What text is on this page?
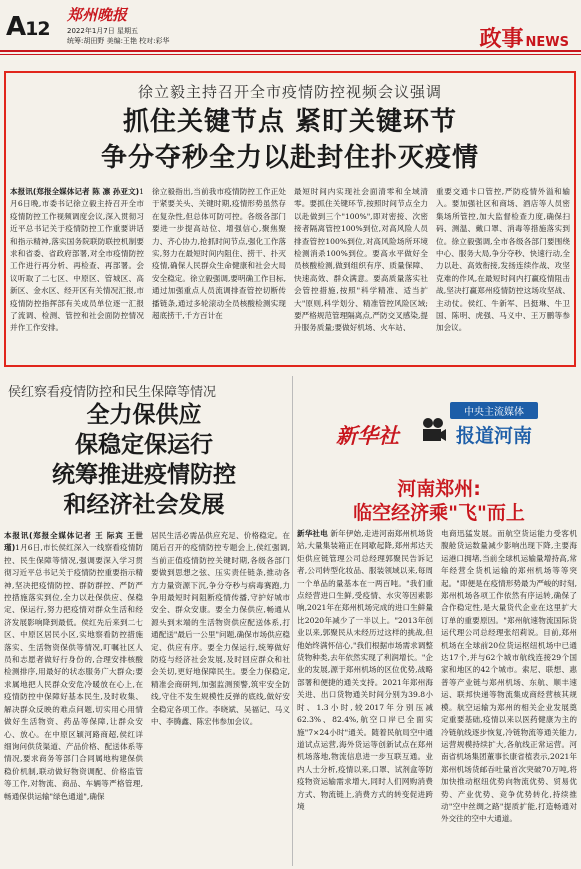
A12
郑州晚报
2022年1月7日 星期五
统筹:胡田野 美编:王艳 校对:彩华	政事 NEWS
徐立毅主持召开全市疫情防控视频会议强调
抓住关键节点 紧盯关键环节
争分夺秒全力以赴封住扑灭疫情
本报讯(郑报全媒体记者 陈 凛 孙亚文)1月6日晚,市委书记徐立毅主持召开全市疫情防控工作视频调度会议,深入贯彻习近平总书记关于疫情防控工作重要讲话和指示精神,落实国务院联防联控机制要求和省委、省政府部署,对全市疫情防控工作进行再分析、再检查、再部署。会议听取了二七区、中原区、管城区、高新区、金水区、经开区有关情况汇报,市疫情防控指挥部有关成员单位逐一汇报了流调、检测、管控和社会面防控情况并作工作安排。
徐立毅指出,当前我市疫情防控工作正处于紧要关头、关键时期,疫情形势虽然存在复杂性,但总体可防可控。各级各部门要进一步提高站位、增强信心,聚焦聚力、齐心协力,抢抓时间节点,强化工作落实,努力在最短时间内阻住、捞干、扑灭疫情,确保人民群众生命健康和社会大局安全稳定。徐立毅强调,要明确工作目标,通过加强重点人员流调排查管控切断传播链条,通过多轮滚动全员核酸检测实现超底捞干,千方百计在
最短时间内实现社会面清零和全域清零。要抓住关键环节,按照时间节点全力以赴做到三个"100%",即对密接、次密接者隔离管控100%到位,对高风险人员排查管控100%到位,对高风险场所环境检测消杀100%到位。要高水平做好全员核酸检测,做到组织有序、质量保障、快速高效、群众满意。要高质量落实社会管控措施,按照"科学精准、适当扩大"原则,科学划分、精准管控风险区域;要严格规范管理隔离点,严防交叉感染,提升服务质量;要做好机场、火车站、
重要交通卡口管控,严防疫情外溢和输入。要加强社区和商场、酒店等人员密集场所管控,加大监督检查力度,确保扫码、测温、戴口罩、消毒等措施落实到位。徐立毅强调,全市各级各部门要围绕中心、服务大局,争分夺秒、快速行动,全力以赴、高效衔接,发扬连续作战、攻坚克难的作风,在最短时间内打赢疫情阻击战,坚决打赢郑州疫情防控这场攻坚战、主动仗。侯红、牛新军、吕挺琳、牛卫国、陈明、虎强、马义中、王万鹏等参加会议。
侯红察看疫情防控和民生保障等情况
全力保供应
保稳定保运行
统筹推进疫情防控
和经济社会发展
本报讯(郑报全媒体记者 王 际宾 王世瑾)1月6日,市长侯红深入一线察看疫情防控、民生保障等情况,强调要深入学习贯彻习近平总书记关于疫情防控重要指示精神,坚决把疫情防控、群防群控、严防严控措施落实到位,全力以赴保供应、保稳定、保运行,努力把疫情对群众生活和经济发展影响降到最低。侯红先后来到二七区、中原区居民小区,实地察看防控措施落实、生活物资保供等情况,叮嘱社区人员和志愿者做好行身份的,合理安排核酸检测排序,用最好的状态服务广大群众;要求属地把人民群众安危冷暖放在心上,在疫情防控中保障好基本民生,及时收集、解决群众反映的难点问题,切实用心用情做好生活物资、药品等保障,让群众安心、放心。在中原区颖河路商超,侯红详细询问供货渠道、产品价格、配送体系等情况,要求商务等部门合同属地构建保供稳价机制,联动做好物资调配、价格监管等工作,对物流、商品、车辆等严格管理,畅通保供运输"绿色通道",确保
居民生活必需品供应充足、价格稳定。在随后召开的疫情防控专题会上,侯红强调,当前正值疫情防控关键时期,各级各部门要做到思想之弦、压实责任链条,推动各方力量资源下沉,争分夺秒与病毒赛跑,力争用最短时间阻断疫情传播,守护好城市安全、群众安康。要全力保供应,畅通从源头到末端的生活物资供应配送体系,打通配送"最后一公里"问题,确保市场供应稳定、供应有序。要全力保运行,统筹做好防疫与经济社会发展,及时回应群众和社会关切,更好地保障民生。要全力保稳定,精准会商研判,加强监测预警,筑牢安全防线,守住不发生规模性反弹的底线,做好安全稳定各项工作。李晓斌、吴福记、马义中、李腾鑫、陈宏伟参加会议。
新华社
中央主流媒体
报道河南
河南郑州:
临空经济乘"飞"而上
新华社电 新年伊始,走进河南郑州机场货站,大量集装箱正在同歇起降,郑州邦达天炬供应链管理公司总经理郭聚民告诉记者,公司转型化妆品、服装领域以来,每周一个单品的量基本在一两百吨。"我们重点经营进口生鲜,受疫情、水灾等因素影响,2021年在郑州机场完成的进口生鲜量比2020年减少了一半以上。"2013年创业以来,郭聚民从未经历过这样的挑战,但他始终满怀信心,"我们根据市场需求调整货物种类,去年依然实现了利润增长。"企业的发展,源于郑州机场的区位优势,战略部署和便捷的通关支持。2021年郑州海关进、出口货物通关时间分别为39.8小时、1.3小时,较2017年分别压减62.3%、82.4%,航空口岸已全面实施"7×24小时"通关。随着民航局空中通道试点运营,海外货运等创新试点在郑州机场落地,物流信息进一步互联互通。业内人士分析,疫情以来,口罩、试剂盒等防疫物资运输需求增大,同时人们网购消费方式、物流链上,消费方式的转变促进跨境
电商迅猛发展。而航空货运能力受客机腹舱货运数量减少影响出现下降,主要海运港口拥堵,当前全球机运输量增持高,常年经营全货机运输的郑州机场等等突起。"即便是在疫情形势最为严峻的时刻,郑州机场各项工作依然有序运转,确保了合作稳定性,是大量货代企业在这里扩大订单的重要原因。"郑州航速物流国际货运代理公司总经理张绍莉说。目前,郑州机场在全球前20位货运枢纽机场中已通达17个,并与62个城市航线连接29个国家和地区的42个城市。索尼、联想、惠普等产业链与郑州机场、东航、顺丰速运、联邦快递等物流集成商经营核其规模。航空运输为郑州的相关企业发展奠定重要基础,疫情以来以医药健康为主的冷链航线逐步恢复,冷链物流等通关能力,运营规模持续扩大,各航线正常运营。河南省机场集团董事长康省植表示,2021年郑州机场货邮吞吐量首次突破70万吨,将加快推动枢纽优势向物流优势、贸易优势、产业优势、竞争优势转化,持续推动"空中丝绸之路"提质扩能,打造畅通对外交往的空中大通道。
